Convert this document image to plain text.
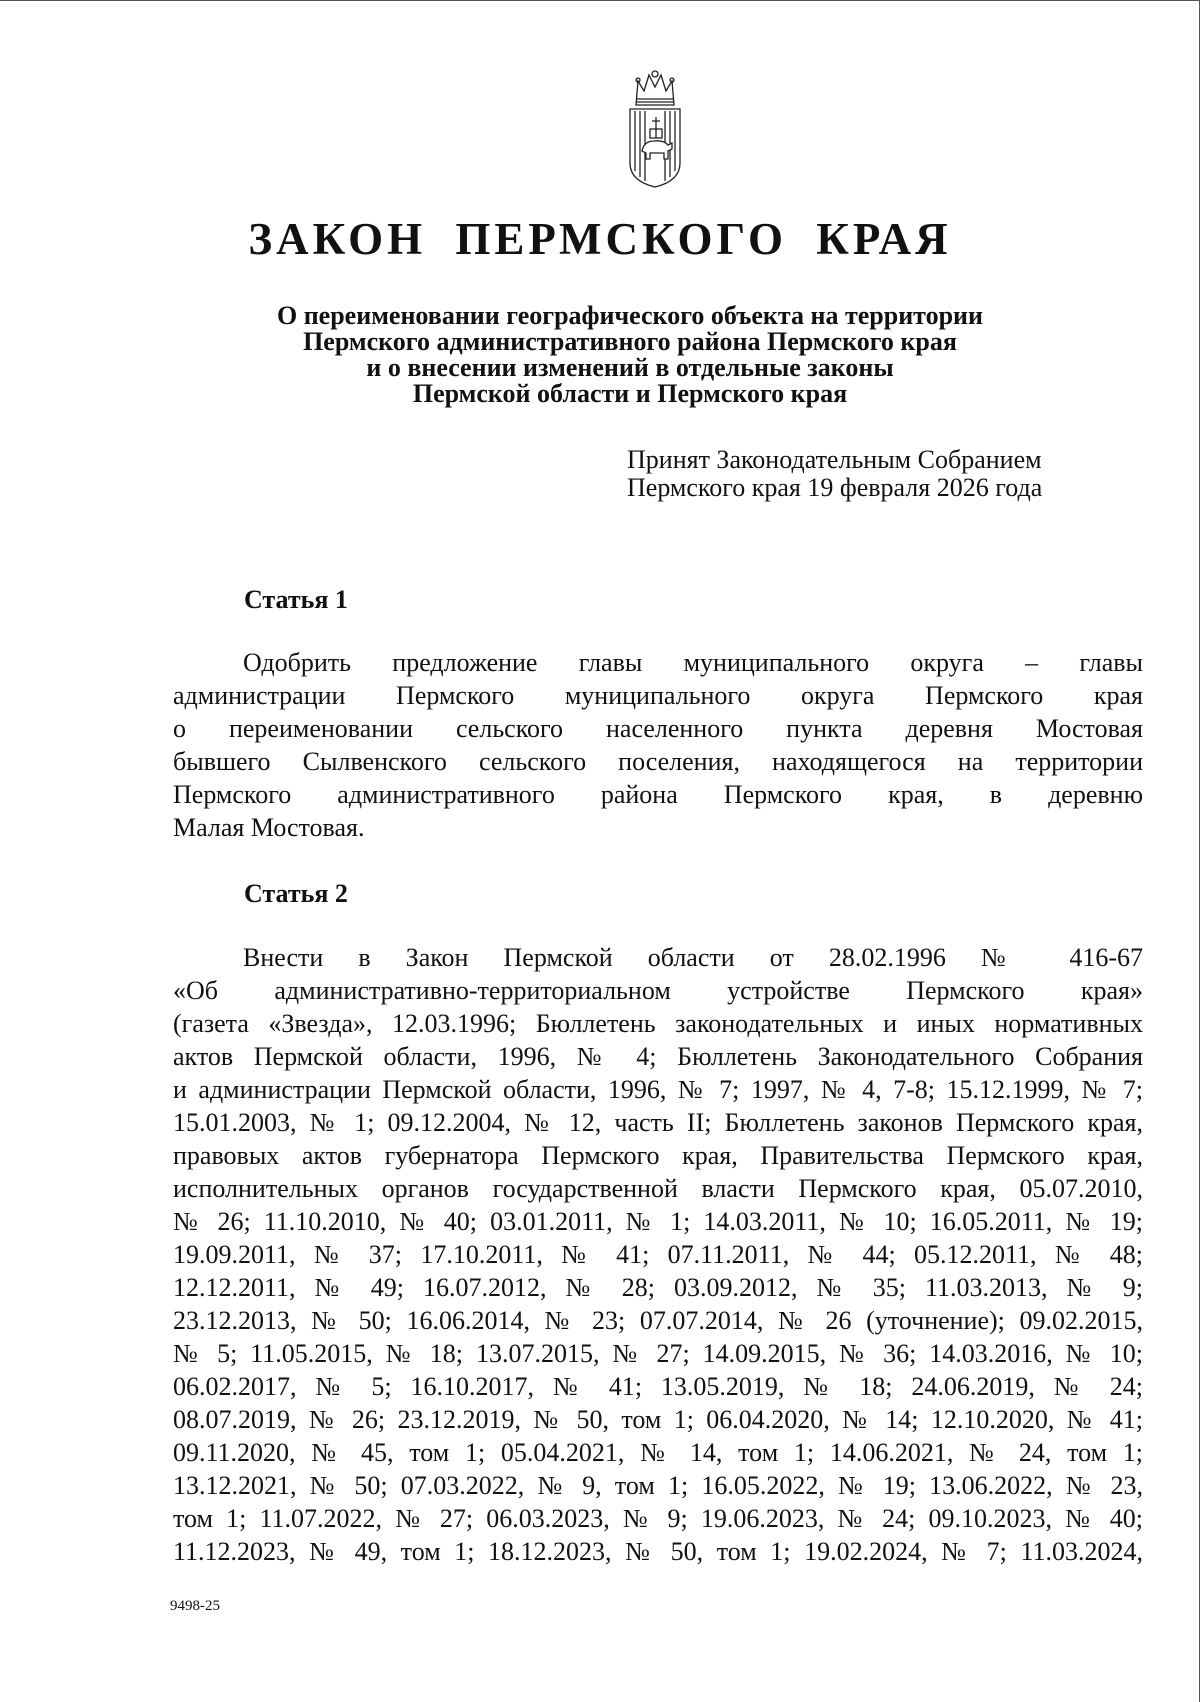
ЗАКОН ПЕРМСКОГО КРАЯ
О переименовании географического объекта на территории
Пермского административного района Пермского края
и о внесении изменений в отдельные законы
Пермской области и Пермского края
Принят Законодательным Собранием
Пермского края 19 февраля 2026 года
Статья 1
Одобрить предложение главы муниципального округа – главы
администрации Пермского муниципального округа Пермского края
о переименовании сельского населенного пункта деревня Мостовая
бывшего Сылвенского сельского поселения, находящегося на территории
Пермского административного района Пермского края, в деревню
Малая Мостовая.
Статья 2
Внести в Закон Пермской области от 28.02.1996 № 416-67
«Об административно-территориальном устройстве Пермского края»
(газета «Звезда», 12.03.1996; Бюллетень законодательных и иных нормативных
актов Пермской области, 1996, № 4; Бюллетень Законодательного Собрания
и администрации Пермской области, 1996, № 7; 1997, № 4, 7-8; 15.12.1999, № 7;
15.01.2003, № 1; 09.12.2004, № 12, часть II; Бюллетень законов Пермского края,
правовых актов губернатора Пермского края, Правительства Пермского края,
исполнительных органов государственной власти Пермского края, 05.07.2010,
№ 26; 11.10.2010, № 40; 03.01.2011, № 1; 14.03.2011, № 10; 16.05.2011, № 19;
19.09.2011, № 37; 17.10.2011, № 41; 07.11.2011, № 44; 05.12.2011, № 48;
12.12.2011, № 49; 16.07.2012, № 28; 03.09.2012, № 35; 11.03.2013, № 9;
23.12.2013, № 50; 16.06.2014, № 23; 07.07.2014, № 26 (уточнение); 09.02.2015,
№ 5; 11.05.2015, № 18; 13.07.2015, № 27; 14.09.2015, № 36; 14.03.2016, № 10;
06.02.2017, № 5; 16.10.2017, № 41; 13.05.2019, № 18; 24.06.2019, № 24;
08.07.2019, № 26; 23.12.2019, № 50, том 1; 06.04.2020, № 14; 12.10.2020, № 41;
09.11.2020, № 45, том 1; 05.04.2021, № 14, том 1; 14.06.2021, № 24, том 1;
13.12.2021, № 50; 07.03.2022, № 9, том 1; 16.05.2022, № 19; 13.06.2022, № 23,
том 1; 11.07.2022, № 27; 06.03.2023, № 9; 19.06.2023, № 24; 09.10.2023, № 40;
11.12.2023, № 49, том 1; 18.12.2023, № 50, том 1; 19.02.2024, № 7; 11.03.2024,
9498-25
